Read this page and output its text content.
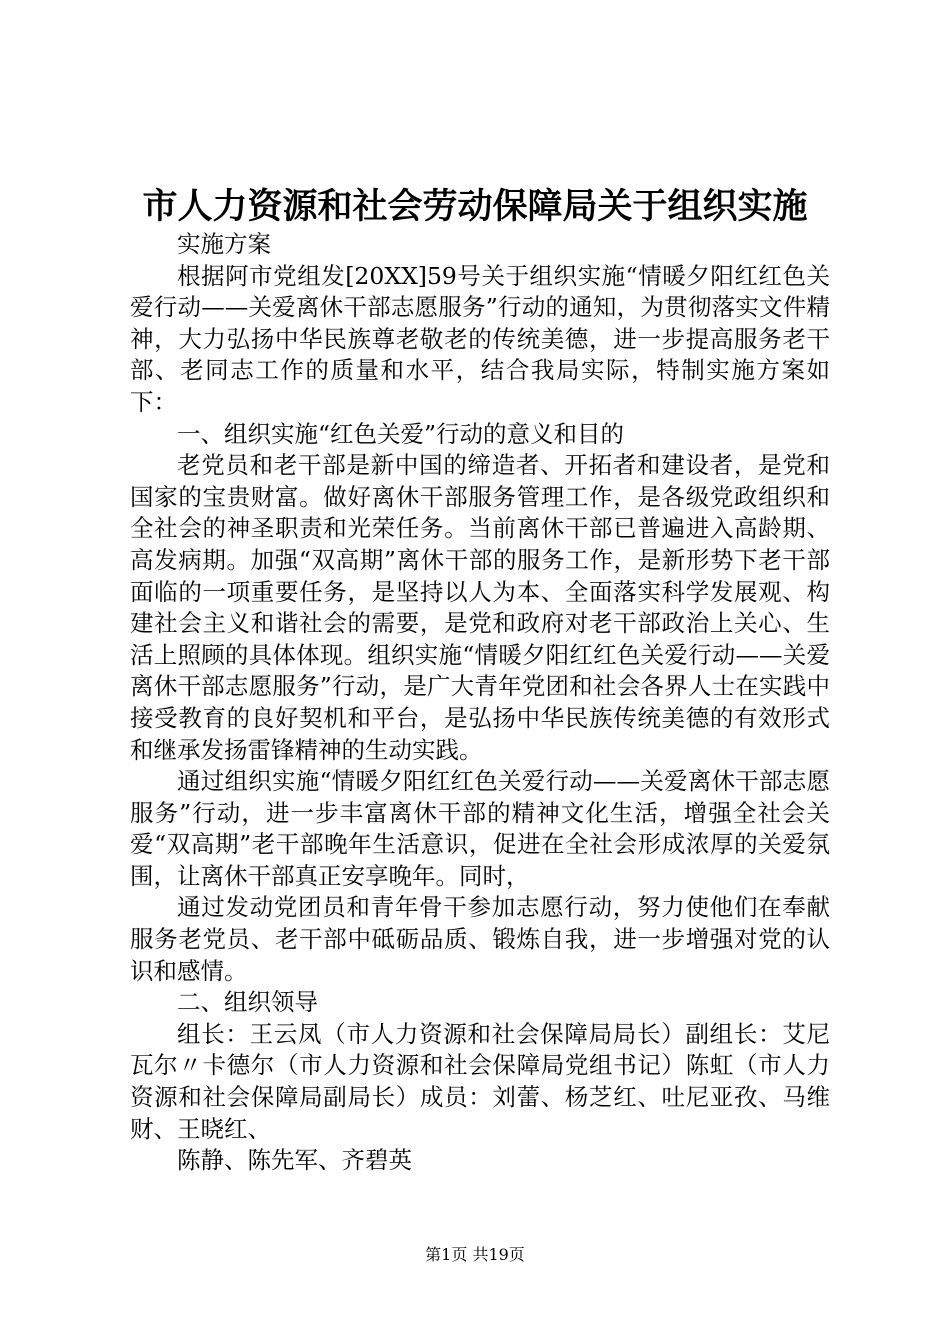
市人力资源和社会劳动保障局关于组织实施

实施方案

根据阿市党组发[20XX]59号关于组织实施“情暖夕阳红红色关爱行动——关爱离休干部志愿服务”行动的通知，为贯彻落实文件精神，大力弘扬中华民族尊老敬老的传统美德，进一步提高服务老干部、老同志工作的质量和水平，结合我局实际，特制实施方案如下：

一、组织实施“红色关爱”行动的意义和目的

老党员和老干部是新中国的缔造者、开拓者和建设者，是党和国家的宝贵财富。做好离休干部服务管理工作，是各级党政组织和全社会的神圣职责和光荣任务。当前离休干部已普遍进入高龄期、高发病期。加强“双高期”离休干部的服务工作，是新形势下老干部面临的一项重要任务，是坚持以人为本、全面落实科学发展观、构建社会主义和谐社会的需要，是党和政府对老干部政治上关心、生活上照顾的具体体现。组织实施“情暖夕阳红红色关爱行动——关爱离休干部志愿服务”行动，是广大青年党团和社会各界人士在实践中接受教育的良好契机和平台，是弘扬中华民族传统美德的有效形式和继承发扬雷锋精神的生动实践。

通过组织实施“情暖夕阳红红色关爱行动——关爱离休干部志愿服务”行动，进一步丰富离休干部的精神文化生活，增强全社会关爱“双高期”老干部晚年生活意识，促进在全社会形成浓厚的关爱氛围，让离休干部真正安享晚年。同时，

通过发动党团员和青年骨干参加志愿行动，努力使他们在奉献服务老党员、老干部中砥砺品质、锻炼自我，进一步增强对党的认识和感情。

二、组织领导

组长：王云凤（市人力资源和社会保障局局长）副组长：艾尼瓦尔〃卡德尔（市人力资源和社会保障局党组书记）陈虹（市人力资源和社会保障局副局长）成员：刘蕾、杨芝红、吐尼亚孜、马维财、王晓红、

陈静、陈先军、齐碧英

第1页 共19页
